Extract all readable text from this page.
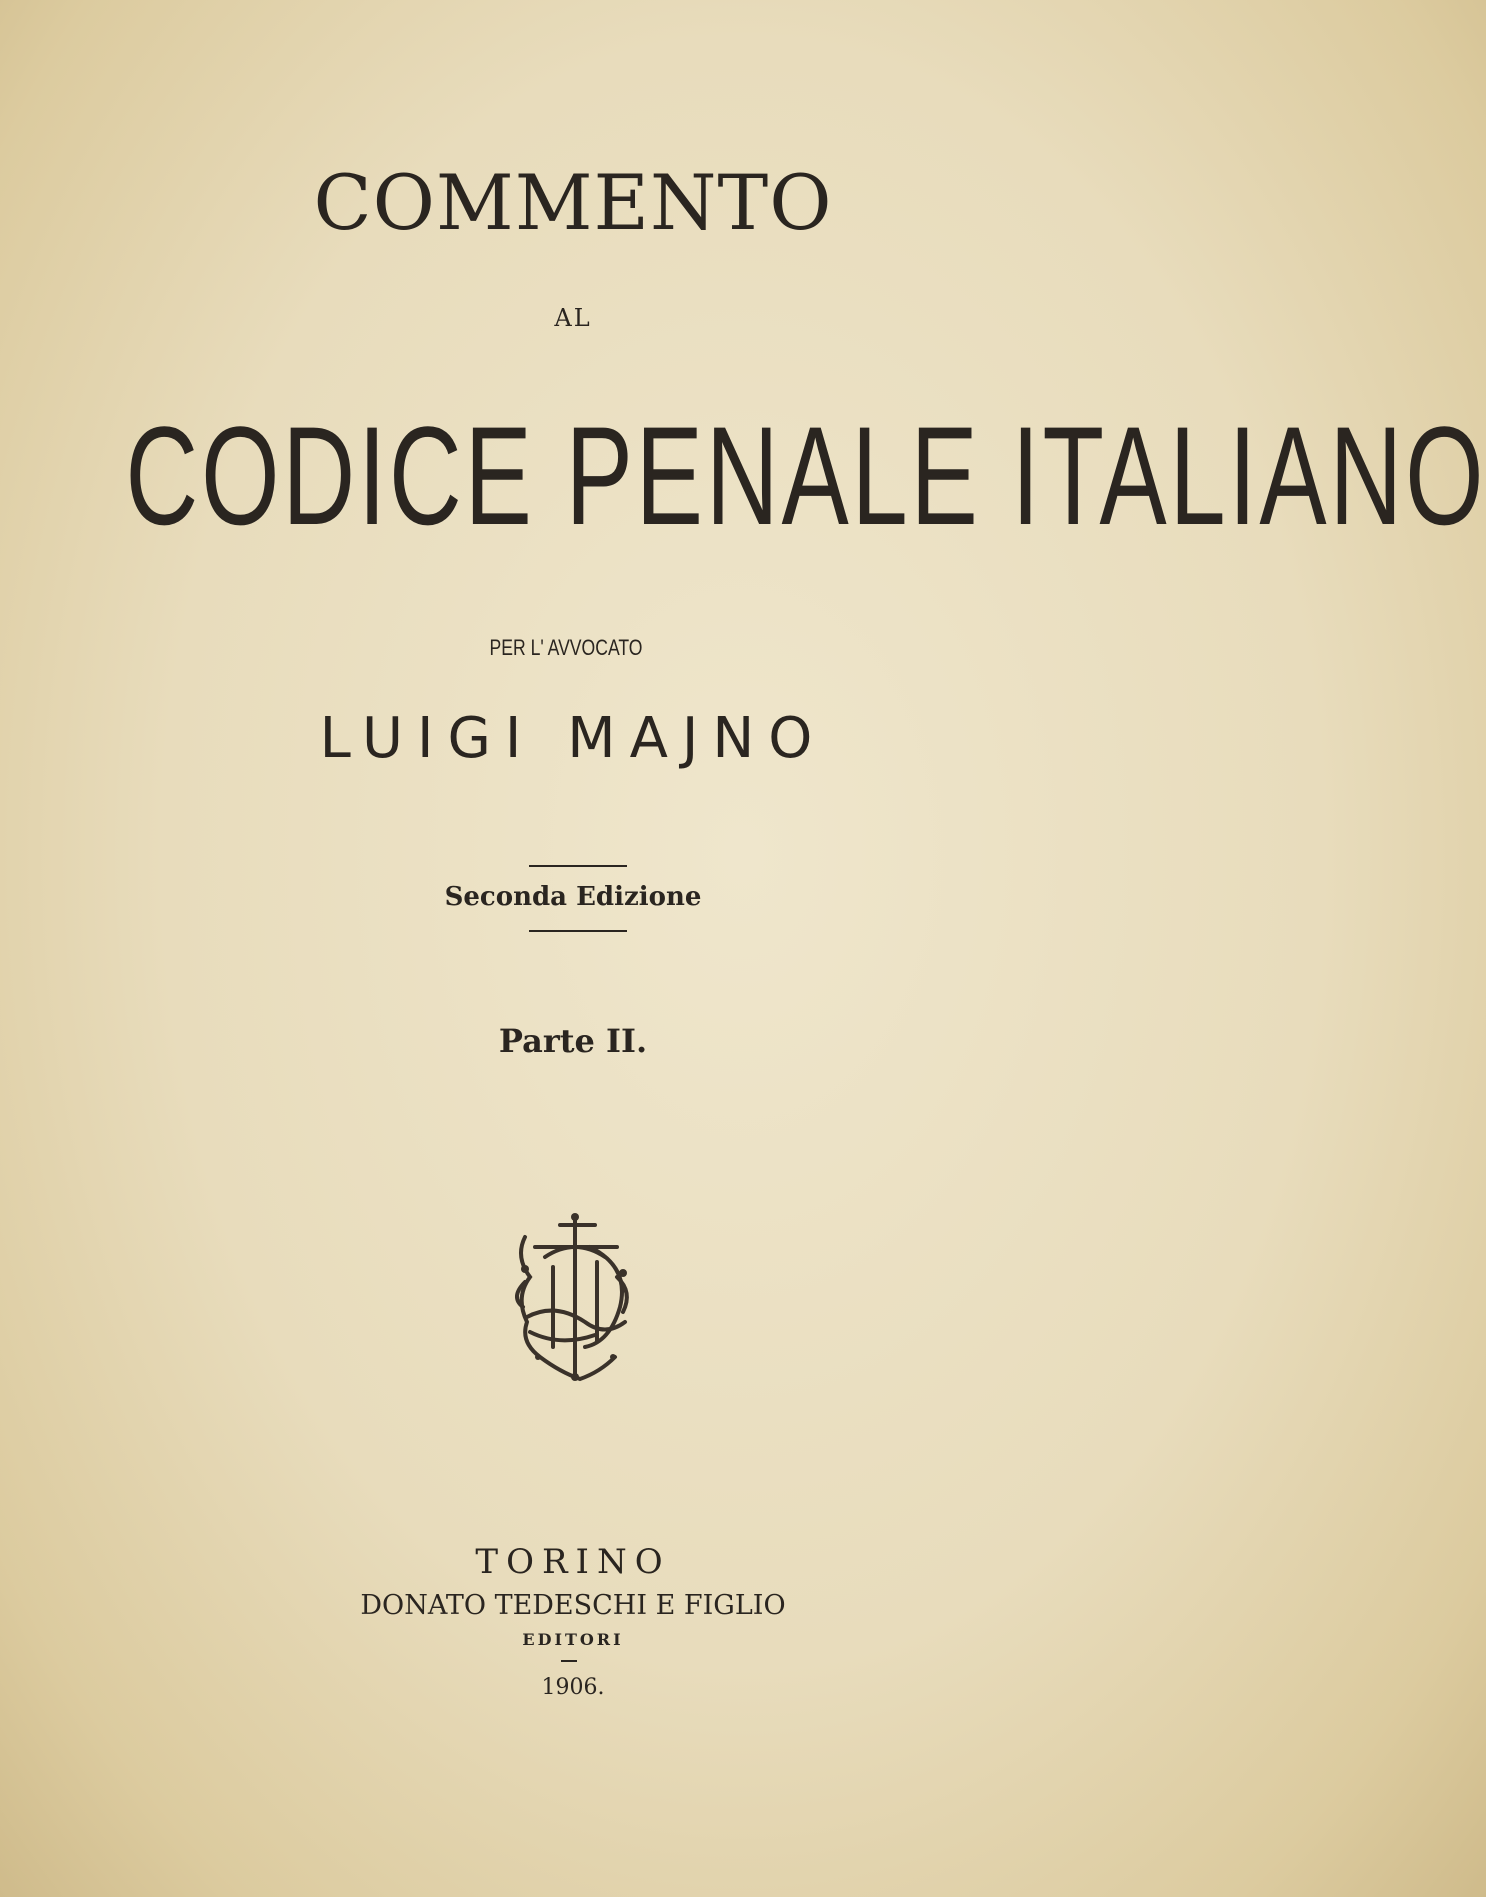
COMMENTO
AL
CODICE PENALE ITALIANO
PER L' AVVOCATO
LUIGI MAJNO
Seconda Edizione
Parte II.
TORINO
DONATO TEDESCHI E FIGLIO
EDITORI
1906.
